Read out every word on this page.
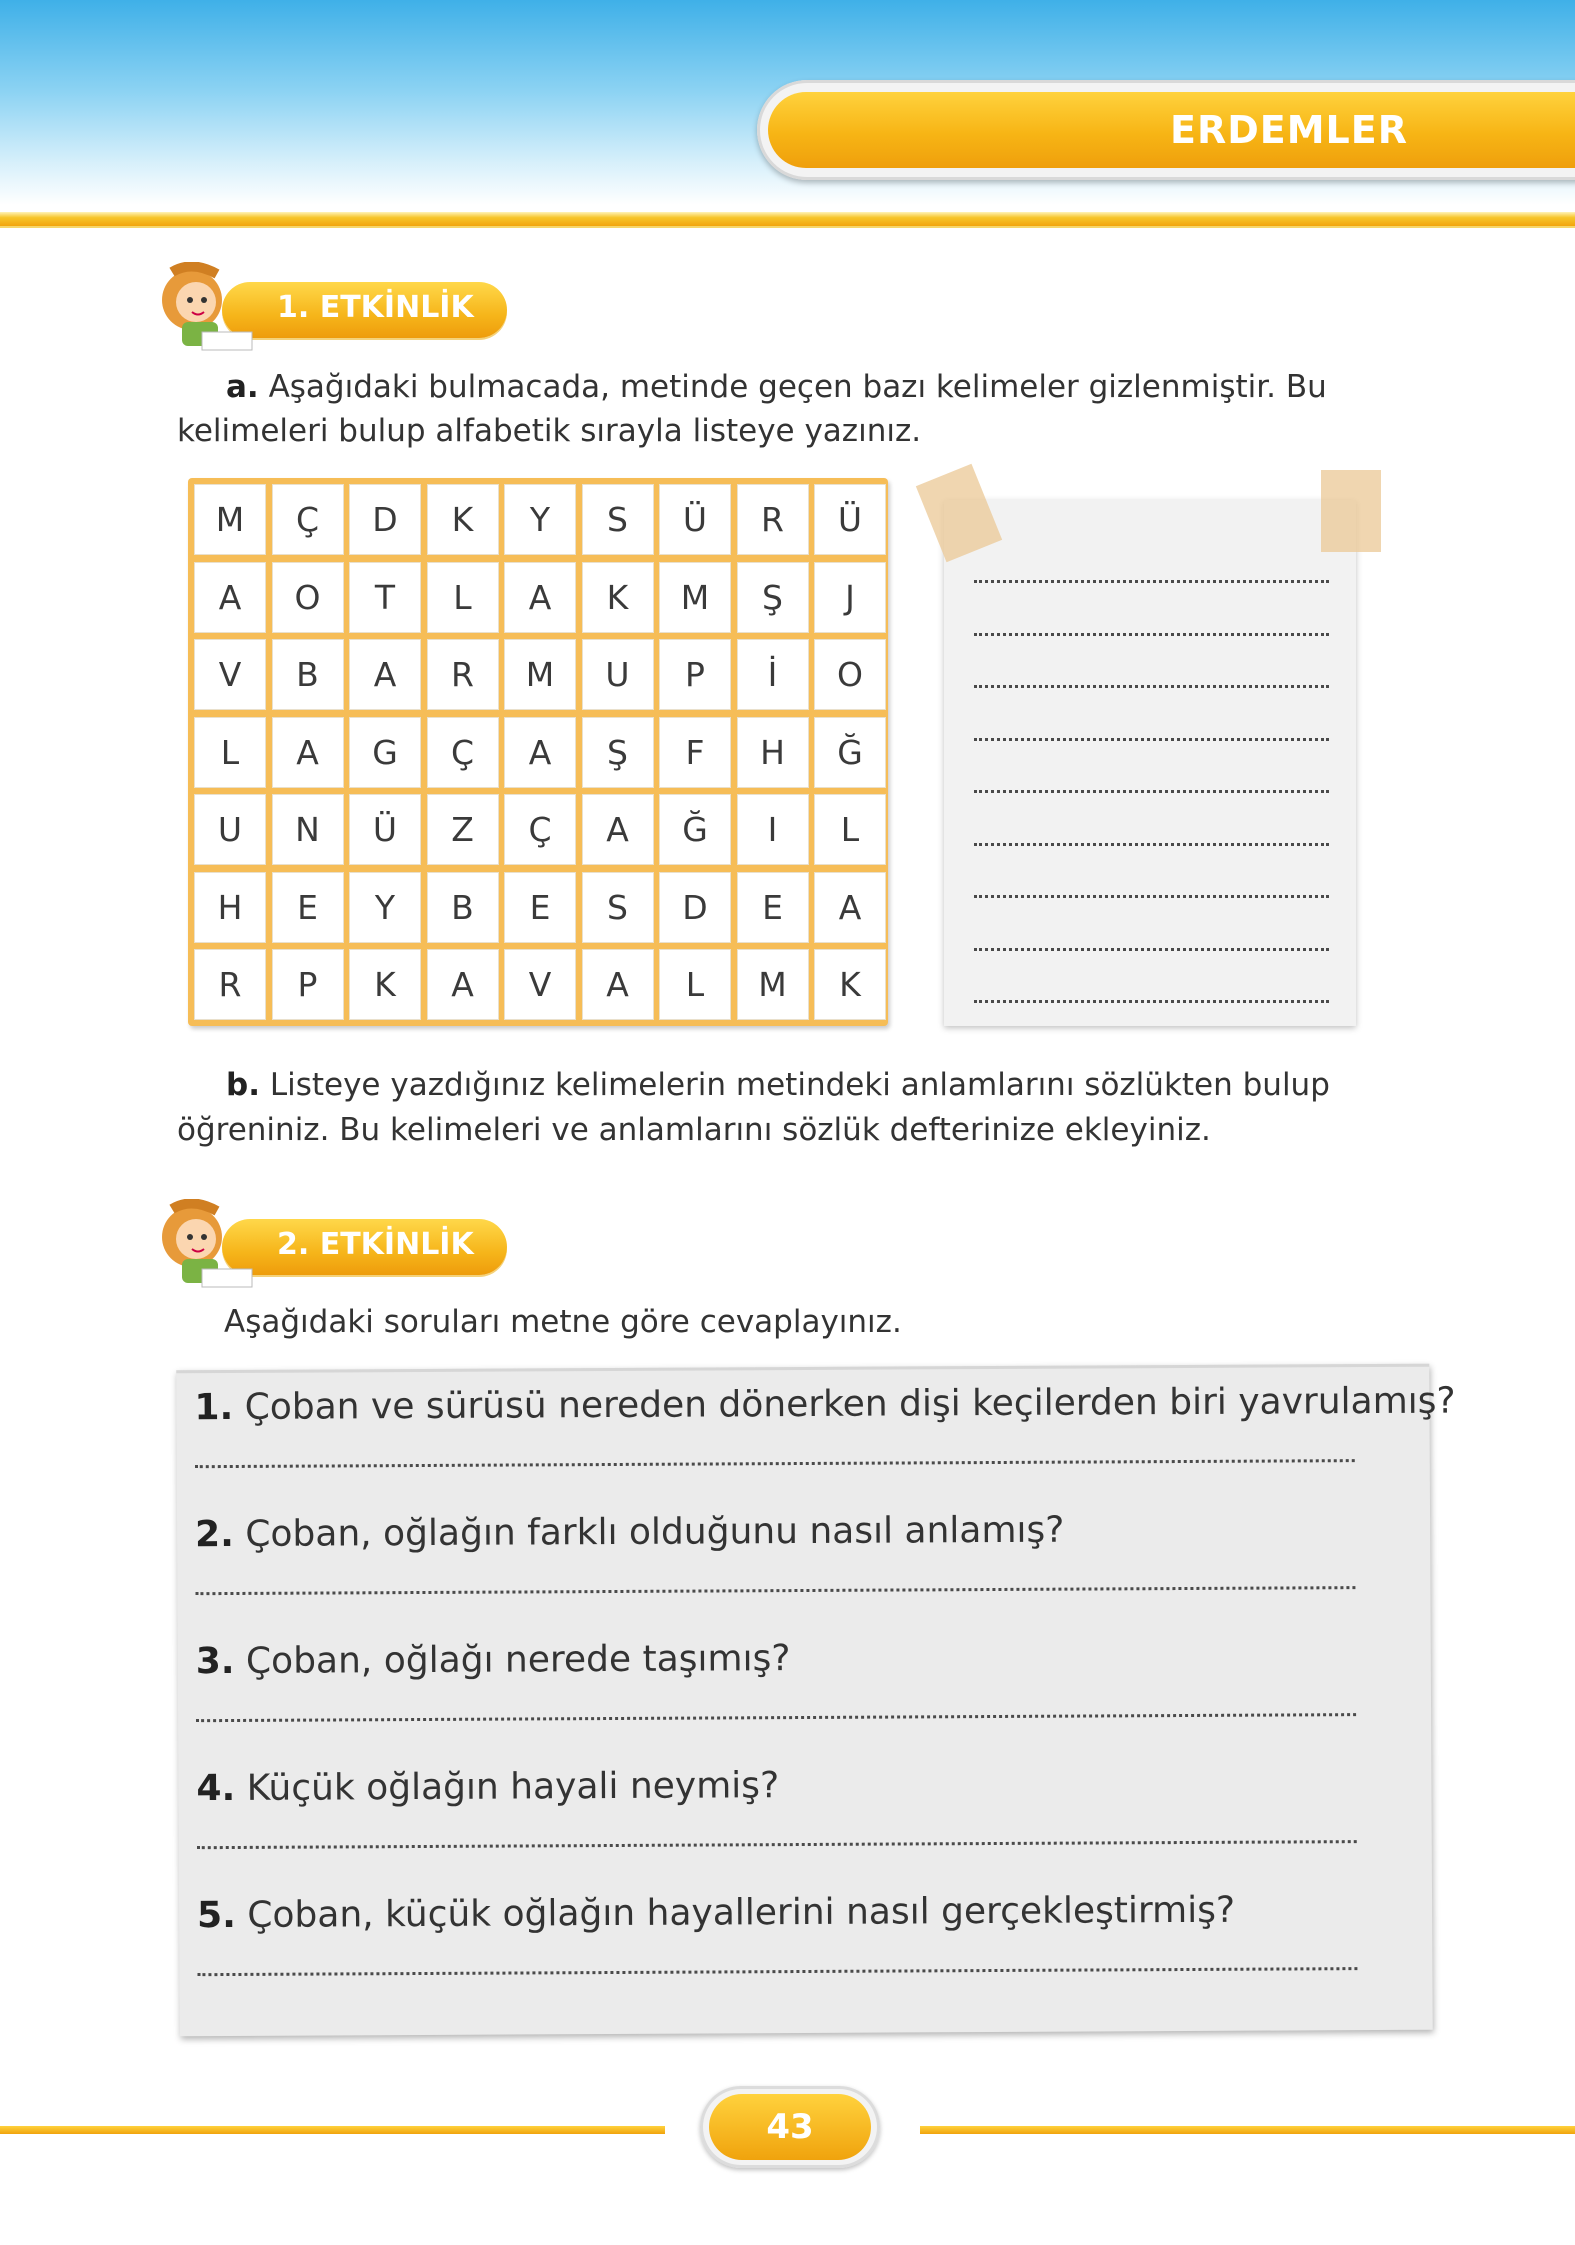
ERDEMLER
1. ETKİNLİK
a. Aşağıdaki bulmacada, metinde geçen bazı kelimeler gizlenmiştir. Bu
kelimeleri bulup alfabetik sırayla listeye yazınız.
M	Ç	D	K	Y	S	Ü	R	Ü
A	O	T	L	A	K	M	Ş	J
V	B	A	R	M	U	P	İ	O
L	A	G	Ç	A	Ş	F	H	Ğ
U	N	Ü	Z	Ç	A	Ğ	I	L
H	E	Y	B	E	S	D	E	A
R	P	K	A	V	A	L	M	K
b. Listeye yazdığınız kelimelerin metindeki anlamlarını sözlükten bulup
öğreniniz. Bu kelimeleri ve anlamlarını sözlük defterinize ekleyiniz.
2. ETKİNLİK
Aşağıdaki soruları metne göre cevaplayınız.
1. Çoban ve sürüsü nereden dönerken dişi keçilerden biri yavrulamış?
2. Çoban, oğlağın farklı olduğunu nasıl anlamış?
3. Çoban, oğlağı nerede taşımış?
4. Küçük oğlağın hayali neymiş?
5. Çoban, küçük oğlağın hayallerini nasıl gerçekleştirmiş?
43
